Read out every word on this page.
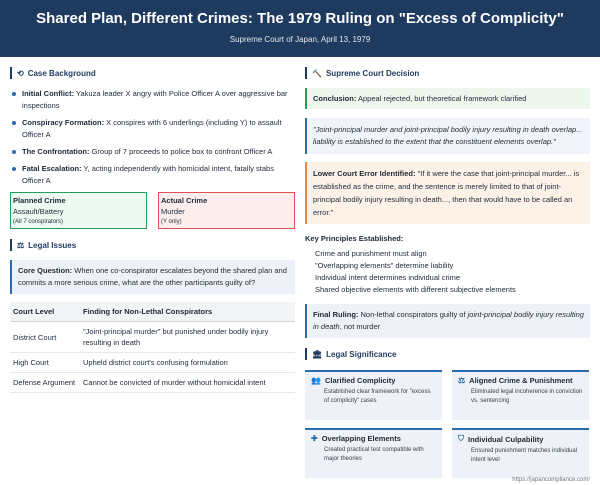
Shared Plan, Different Crimes: The 1979 Ruling on "Excess of Complicity"
Supreme Court of Japan, April 13, 1979
⟲ Case Background
Initial Conflict: Yakuza leader X angry with Police Officer A over aggressive bar inspections
Conspiracy Formation: X conspires with 6 underlings (including Y) to assault Officer A
The Confrontation: Group of 7 proceeds to police box to confront Officer A
Fatal Escalation: Y, acting independently with homicidal intent, fatally stabs Officer A
Planned Crime
Assault/Battery
(All 7 conspirators)
Actual Crime
Murder
(Y only)
⚖ Legal Issues
Core Question: When one co-conspirator escalates beyond the shared plan and commits a more serious crime, what are the other participants guilty of?
Court Level	Finding for Non-Lethal Conspirators
District Court	"Joint-principal murder" but punished under bodily injury resulting in death
High Court	Upheld district court's confusing formulation
Defense Argument	Cannot be convicted of murder without homicidal intent
🔨 Supreme Court Decision
Conclusion: Appeal rejected, but theoretical framework clarified
"Joint-principal murder and joint-principal bodily injury resulting in death overlap... liability is established to the extent that the constituent elements overlap."
Lower Court Error Identified: "If it were the case that joint-principal murder... is established as the crime, and the sentence is merely limited to that of joint-principal bodily injury resulting in death..., then that would have to be called an error."
Key Principles Established:
Crime and punishment must align
"Overlapping elements" determine liability
Individual intent determines individual crime
Shared objective elements with different subjective elements
Final Ruling: Non-lethal conspirators guilty of joint-principal bodily injury resulting in death, not murder
🏛 Legal Significance
👥 Clarified Complicity
Established clear framework for "excess of complicity" cases
⚖ Aligned Crime & Punishment
Eliminated legal incoherence in conviction vs. sentencing
✚ Overlapping Elements
Created practical test compatible with major theories
⛉ Individual Culpability
Ensured punishment matches individual intent level
https://japancompliance.com/
